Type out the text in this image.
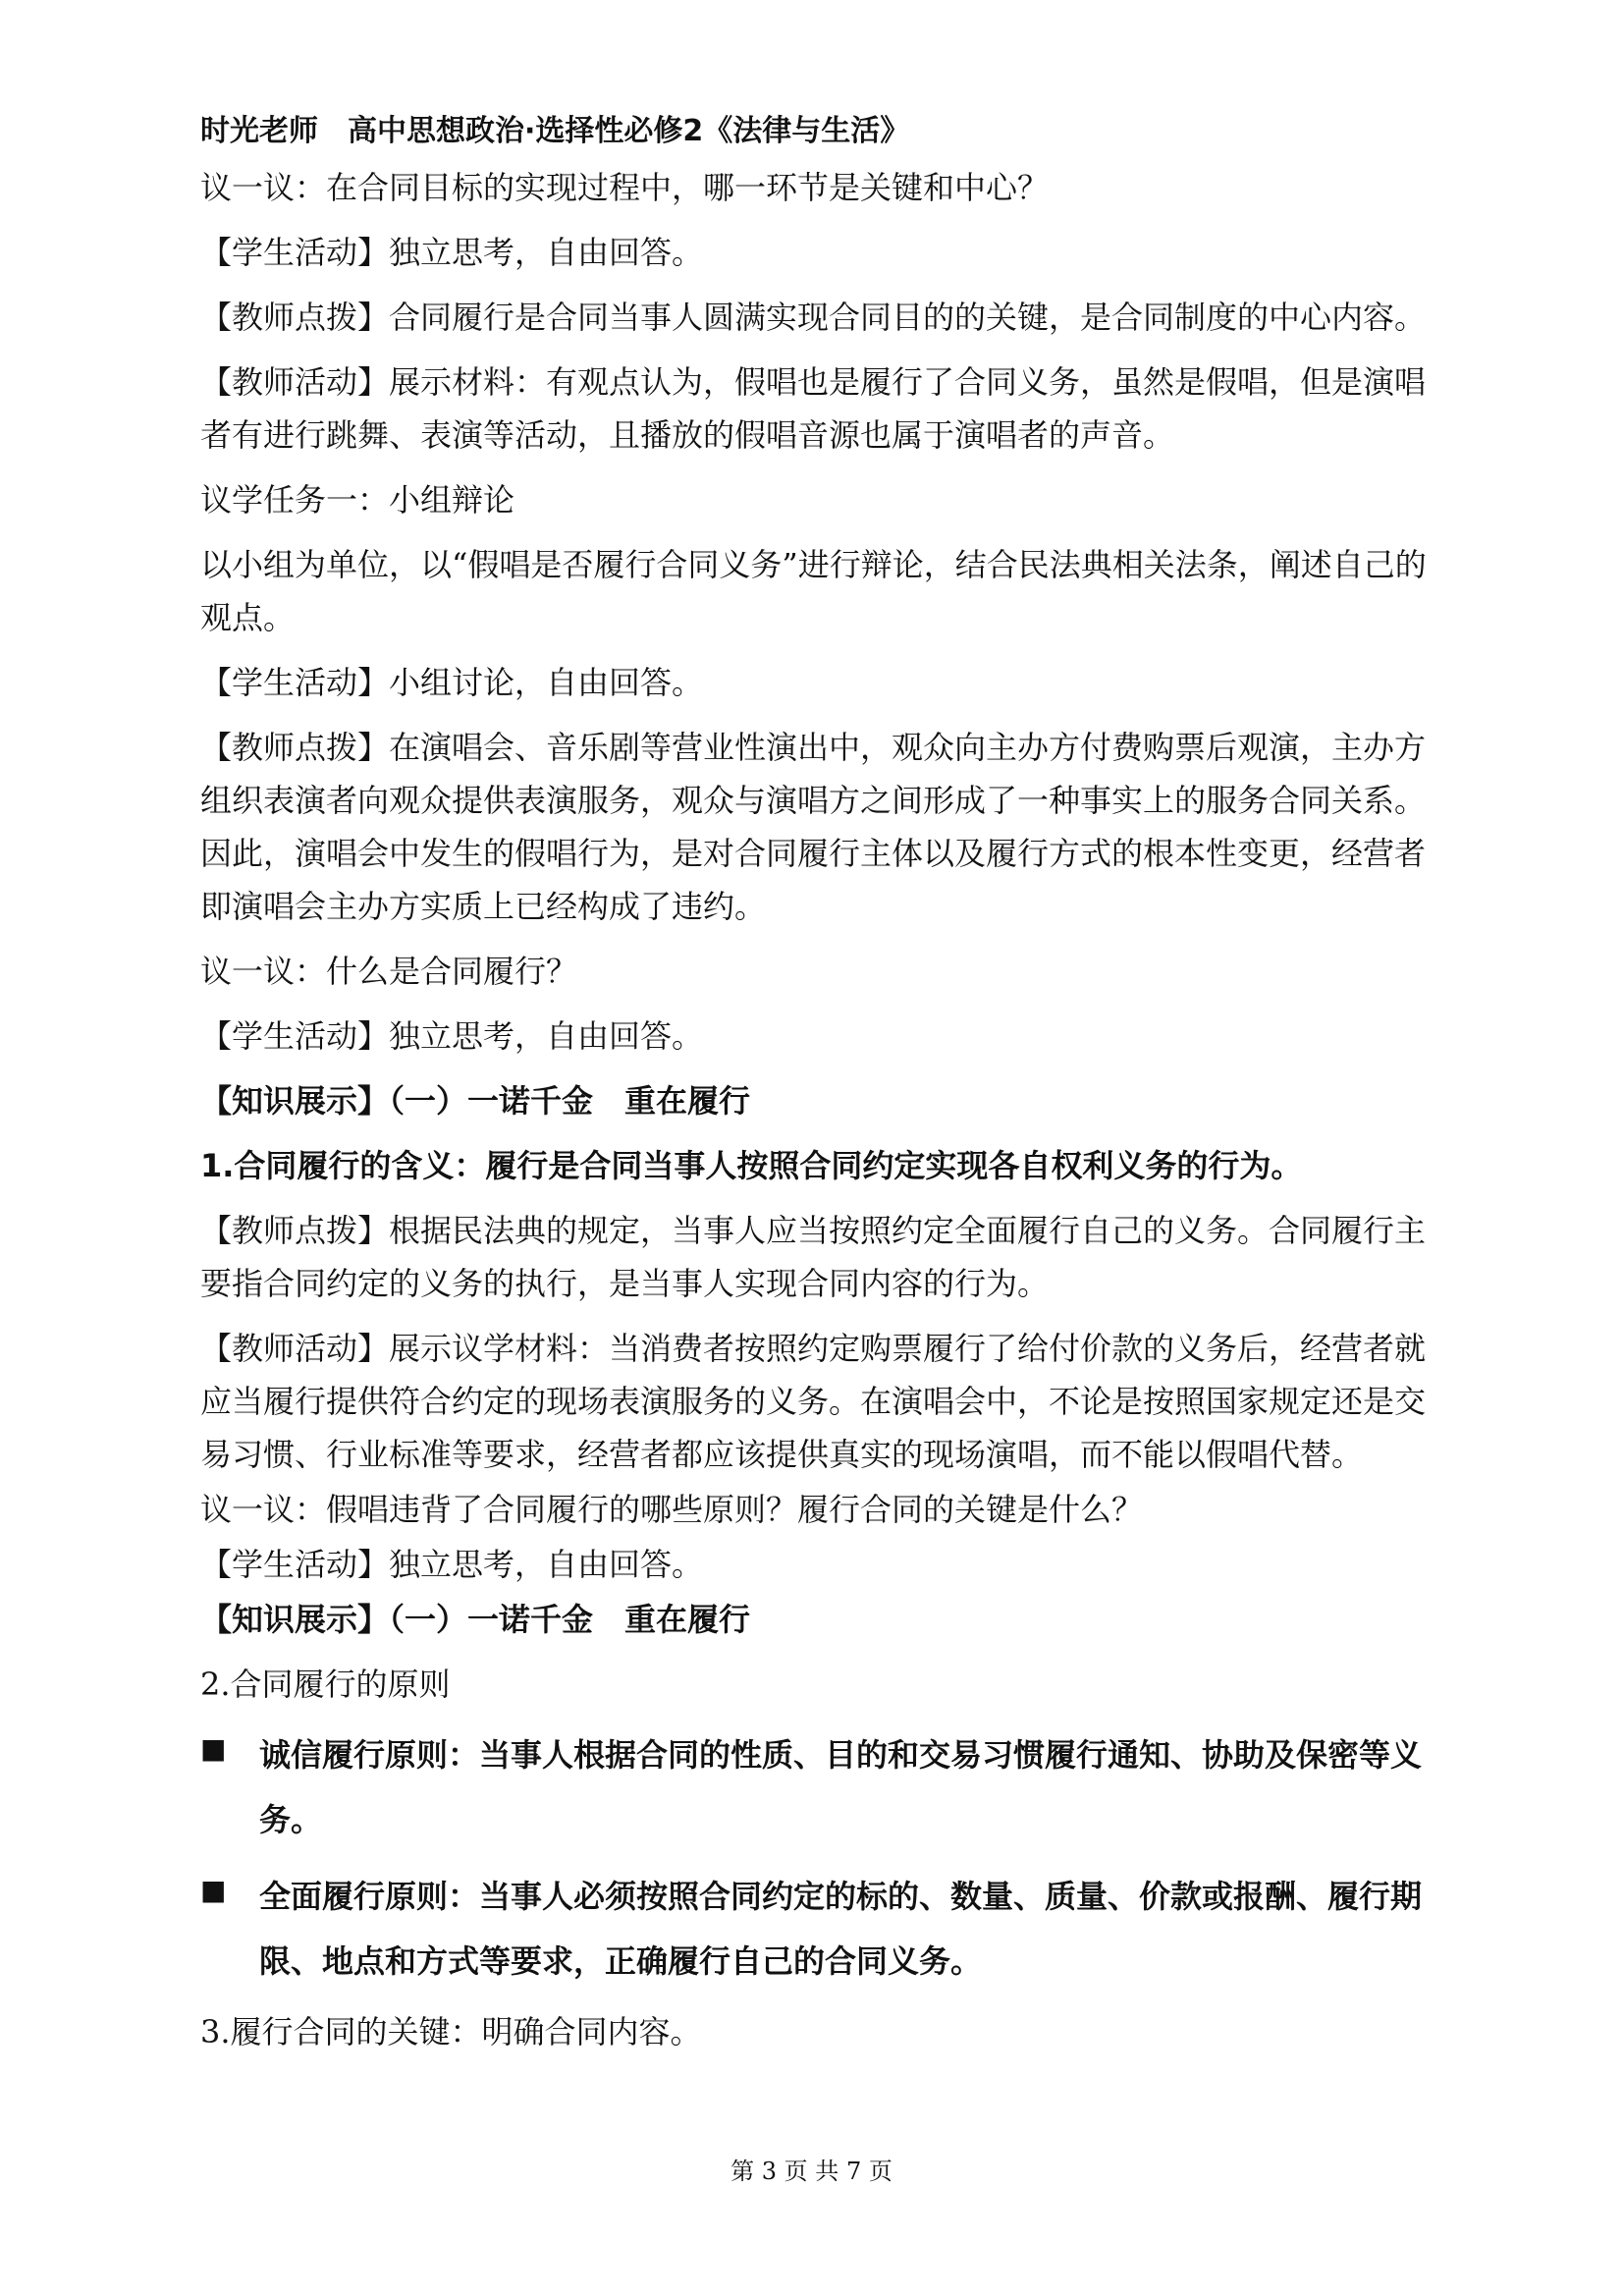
时光老师　高中思想政治·选择性必修2《法律与生活》
议一议：在合同目标的实现过程中，哪一环节是关键和中心？
【学生活动】独立思考，自由回答。
【教师点拨】合同履行是合同当事人圆满实现合同目的的关键，是合同制度的中心内容。
【教师活动】展示材料：有观点认为，假唱也是履行了合同义务，虽然是假唱，但是演唱者有进行跳舞、表演等活动，且播放的假唱音源也属于演唱者的声音。
议学任务一：小组辩论
以小组为单位，以“假唱是否履行合同义务”进行辩论，结合民法典相关法条，阐述自己的观点。
【学生活动】小组讨论，自由回答。
【教师点拨】在演唱会、音乐剧等营业性演出中，观众向主办方付费购票后观演，主办方组织表演者向观众提供表演服务，观众与演唱方之间形成了一种事实上的服务合同关系。因此，演唱会中发生的假唱行为，是对合同履行主体以及履行方式的根本性变更，经营者即演唱会主办方实质上已经构成了违约。
议一议：什么是合同履行？
【学生活动】独立思考，自由回答。
【知识展示】（一）一诺千金　重在履行
1.合同履行的含义：履行是合同当事人按照合同约定实现各自权利义务的行为。
【教师点拨】根据民法典的规定，当事人应当按照约定全面履行自己的义务。合同履行主要指合同约定的义务的执行，是当事人实现合同内容的行为。
【教师活动】展示议学材料：当消费者按照约定购票履行了给付价款的义务后，经营者就应当履行提供符合约定的现场表演服务的义务。在演唱会中，不论是按照国家规定还是交易习惯、行业标准等要求，经营者都应该提供真实的现场演唱，而不能以假唱代替。
议一议：假唱违背了合同履行的哪些原则？履行合同的关键是什么？
【学生活动】独立思考，自由回答。
【知识展示】（一）一诺千金　重在履行
2.合同履行的原则
■	诚信履行原则：当事人根据合同的性质、目的和交易习惯履行通知、协助及保密等义务。
■	全面履行原则：当事人必须按照合同约定的标的、数量、质量、价款或报酬、履行期限、地点和方式等要求，正确履行自己的合同义务。
3.履行合同的关键：明确合同内容。
第 3 页 共 7 页
